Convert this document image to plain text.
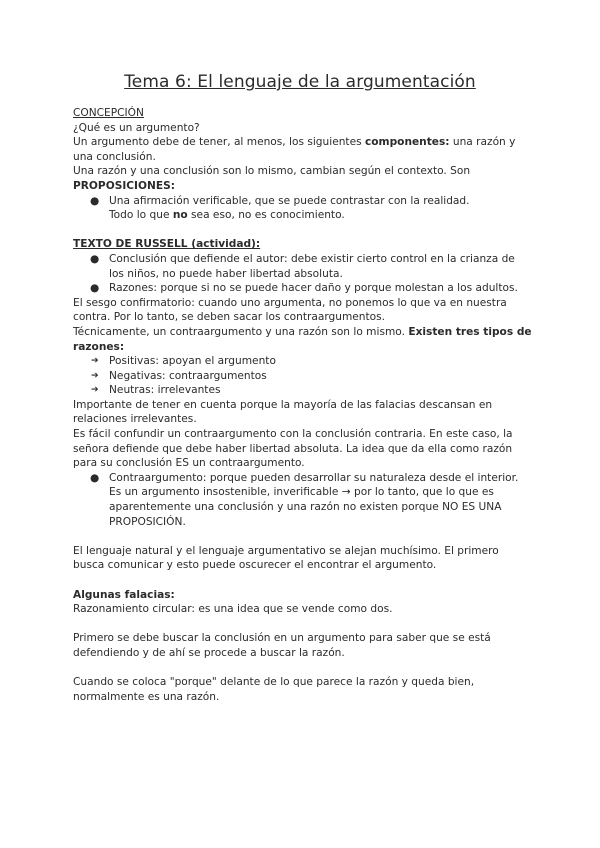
Tema 6: El lenguaje de la argumentación

CONCEPCIÓN

¿Qué es un argumento?

Un argumento debe de tener, al menos, los siguientes componentes: una razón y una conclusión.

Una razón y una conclusión son lo mismo, cambian según el contexto. Son PROPOSICIONES:

● Una afirmación verificable, que se puede contrastar con la realidad.

Todo lo que no sea eso, no es conocimiento.

TEXTO DE RUSSELL (actividad):

● Conclusión que defiende el autor: debe existir cierto control en la crianza de los niños, no puede haber libertad absoluta.

● Razones: porque si no se puede hacer daño y porque molestan a los adultos.

El sesgo confirmatorio: cuando uno argumenta, no ponemos lo que va en nuestra contra. Por lo tanto, se deben sacar los contraargumentos.

Técnicamente, un contraargumento y una razón son lo mismo. Existen tres tipos de razones:

➔ Positivas: apoyan el argumento

➔ Negativas: contraargumentos

➔ Neutras: irrelevantes

Importante de tener en cuenta porque la mayoría de las falacias descansan en relaciones irrelevantes.

Es fácil confundir un contraargumento con la conclusión contraria. En este caso, la señora defiende que debe haber libertad absoluta. La idea que da ella como razón para su conclusión ES un contraargumento.

● Contraargumento: porque pueden desarrollar su naturaleza desde el interior.

Es un argumento insostenible, inverificable → por lo tanto, que lo que es aparentemente una conclusión y una razón no existen porque NO ES UNA PROPOSICIÓN.

El lenguaje natural y el lenguaje argumentativo se alejan muchísimo. El primero busca comunicar y esto puede oscurecer el encontrar el argumento.

Algunas falacias:

Razonamiento circular: es una idea que se vende como dos.

Primero se debe buscar la conclusión en un argumento para saber que se está defendiendo y de ahí se procede a buscar la razón.

Cuando se coloca "porque" delante de lo que parece la razón y queda bien, normalmente es una razón.
